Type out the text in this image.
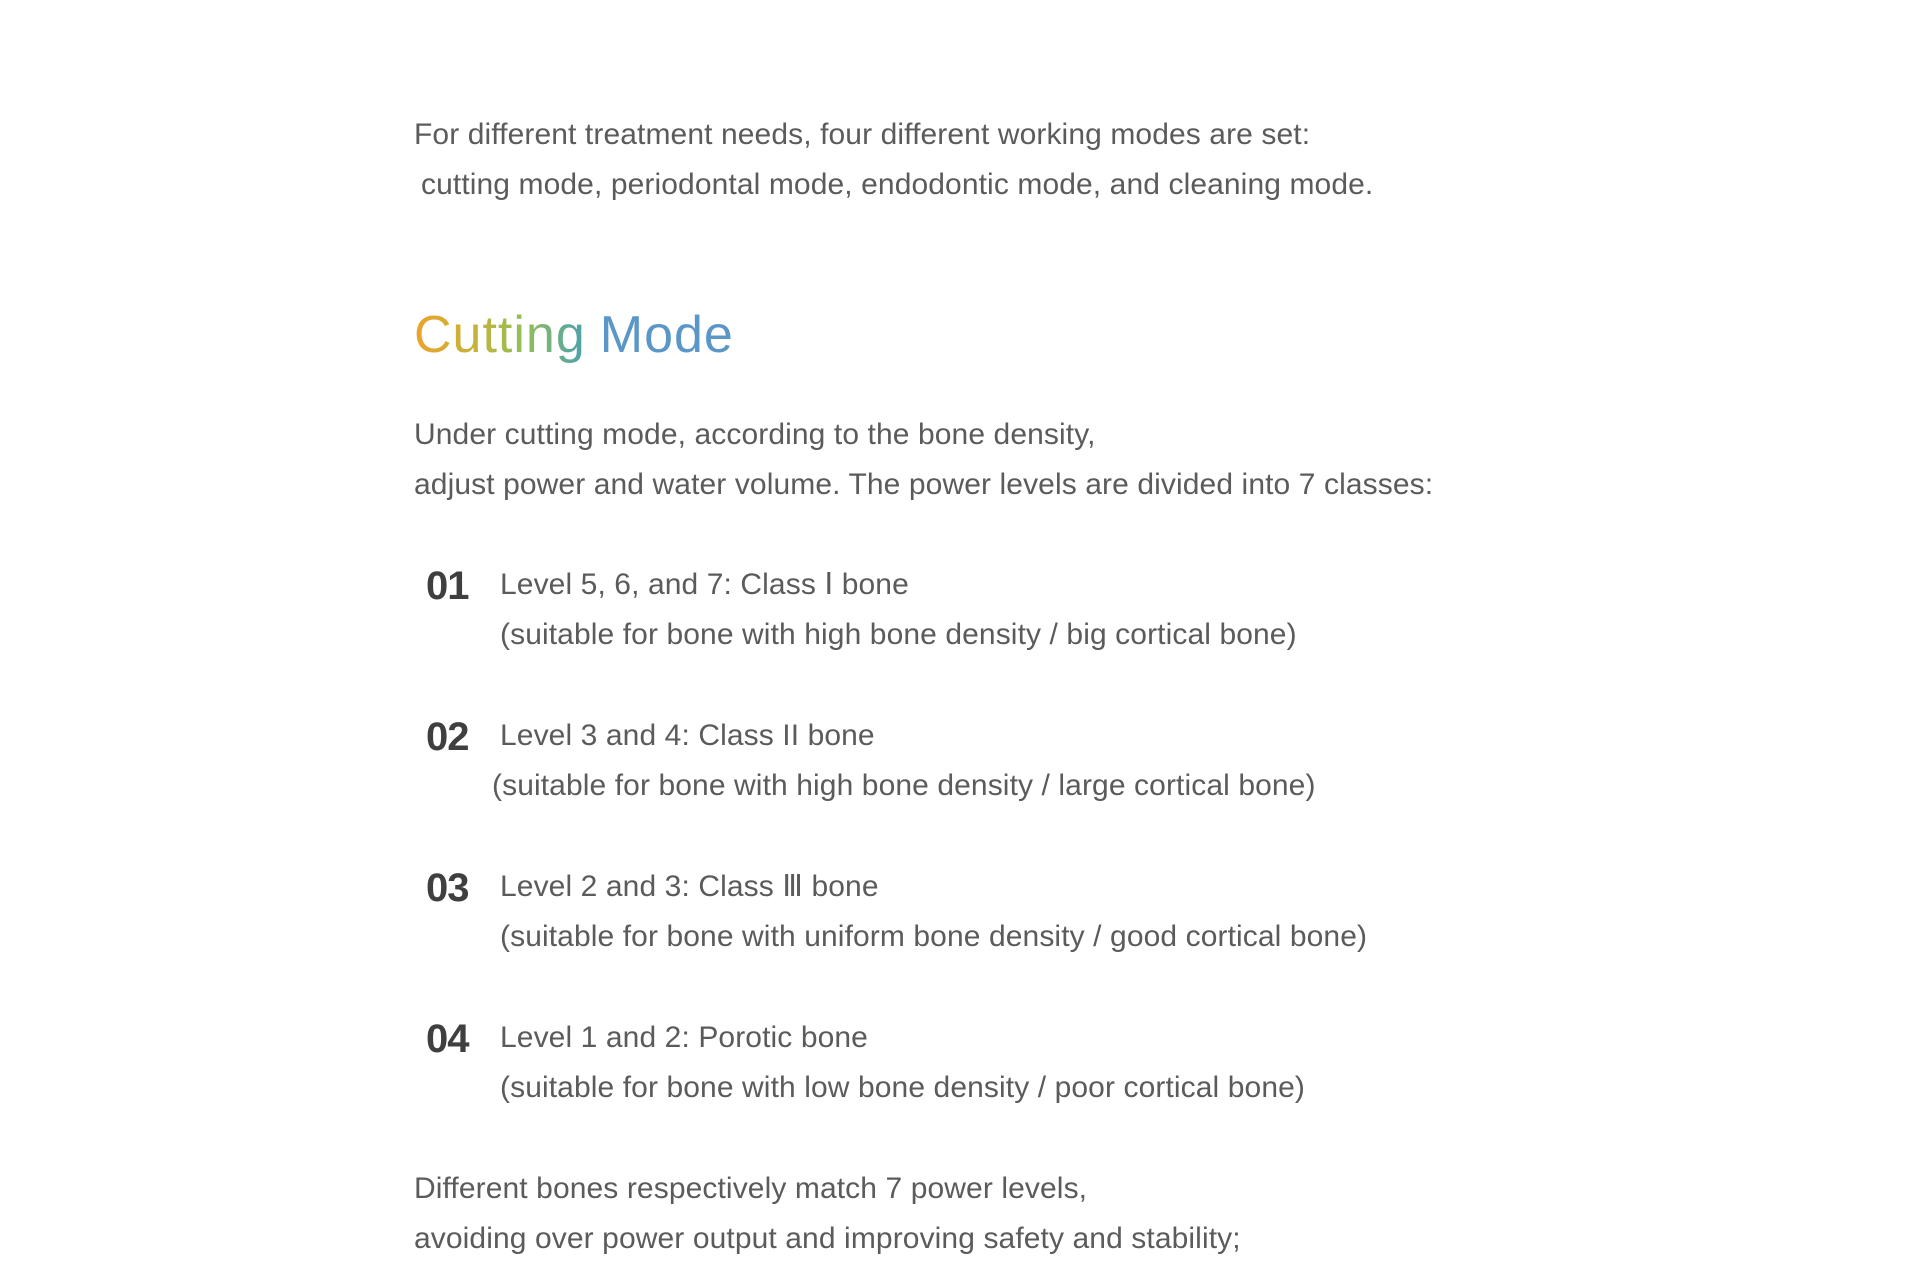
For different treatment needs, four different working modes are set:
cutting mode, periodontal mode, endodontic mode, and cleaning mode.
Cutting Mode
Under cutting mode, according to the bone density,
adjust power and water volume. The power levels are divided into 7 classes:
01 Level 5, 6, and 7: Class Ⅰ bone
(suitable for bone with high bone density / big cortical bone)
02 Level 3 and 4: Class II bone
(suitable for bone with high bone density / large cortical bone)
03 Level 2 and 3: Class Ⅲ bone
(suitable for bone with uniform bone density / good cortical bone)
04 Level 1 and 2: Porotic bone
(suitable for bone with low bone density / poor cortical bone)
Different bones respectively match 7 power levels,
avoiding over power output and improving safety and stability;
